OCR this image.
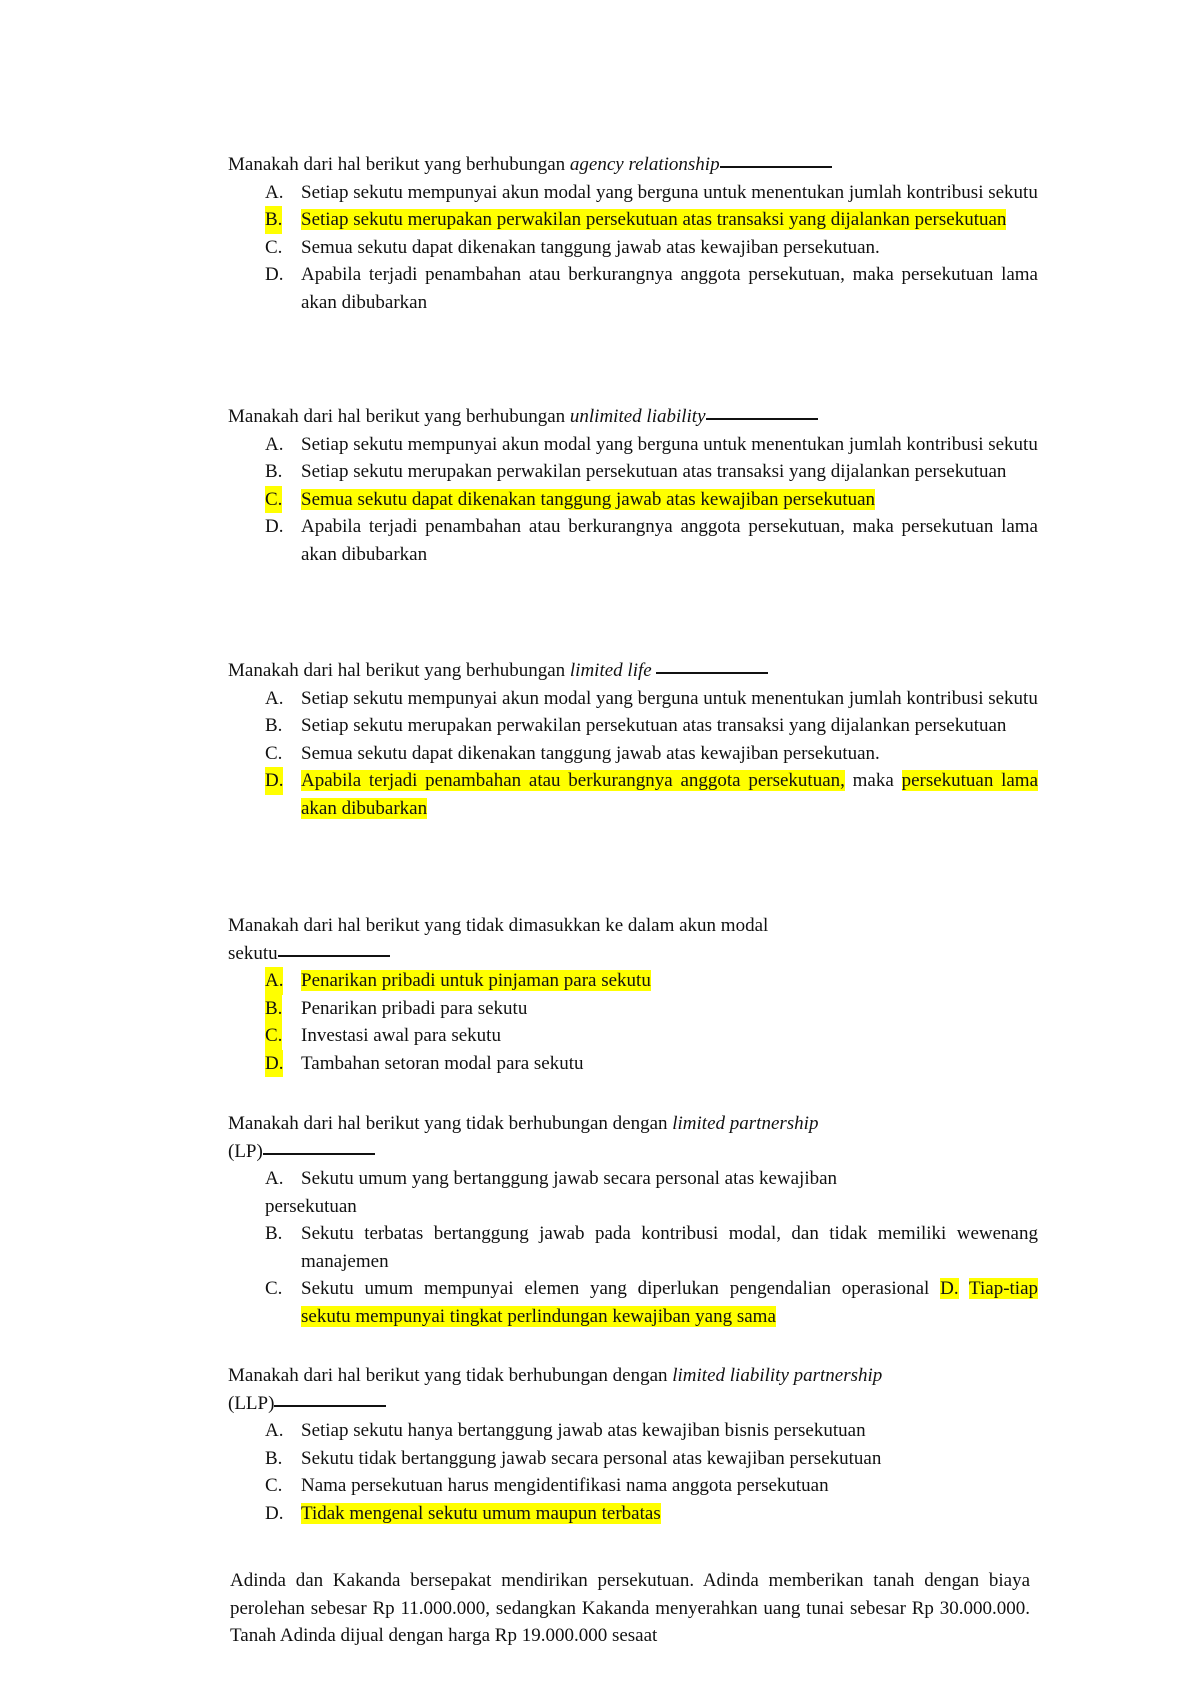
Manakah dari hal berikut yang berhubungan agency relationship
A. Setiap sekutu mempunyai akun modal yang berguna untuk menentukan jumlah kontribusi sekutu
B. Setiap sekutu merupakan perwakilan persekutuan atas transaksi yang dijalankan persekutuan
C. Semua sekutu dapat dikenakan tanggung jawab atas kewajiban persekutuan.
D. Apabila terjadi penambahan atau berkurangnya anggota persekutuan, maka persekutuan lama akan dibubarkan
Manakah dari hal berikut yang berhubungan unlimited liability
A. Setiap sekutu mempunyai akun modal yang berguna untuk menentukan jumlah kontribusi sekutu
B. Setiap sekutu merupakan perwakilan persekutuan atas transaksi yang dijalankan persekutuan
C. Semua sekutu dapat dikenakan tanggung jawab atas kewajiban persekutuan
D. Apabila terjadi penambahan atau berkurangnya anggota persekutuan, maka persekutuan lama akan dibubarkan
Manakah dari hal berikut yang berhubungan limited life
A. Setiap sekutu mempunyai akun modal yang berguna untuk menentukan jumlah kontribusi sekutu
B. Setiap sekutu merupakan perwakilan persekutuan atas transaksi yang dijalankan persekutuan
C. Semua sekutu dapat dikenakan tanggung jawab atas kewajiban persekutuan.
D. Apabila terjadi penambahan atau berkurangnya anggota persekutuan, maka persekutuan lama akan dibubarkan
Manakah dari hal berikut yang tidak dimasukkan ke dalam akun modal
sekutu
A. Penarikan pribadi untuk pinjaman para sekutu
B. Penarikan pribadi para sekutu
C. Investasi awal para sekutu
D. Tambahan setoran modal para sekutu
Manakah dari hal berikut yang tidak berhubungan dengan limited partnership
(LP)
A. Sekutu umum yang bertanggung jawab secara personal atas kewajiban
persekutuan
B. Sekutu terbatas bertanggung jawab pada kontribusi modal, dan tidak memiliki wewenang manajemen
C. Sekutu umum mempunyai elemen yang diperlukan pengendalian operasional D. Tiap-tiap sekutu mempunyai tingkat perlindungan kewajiban yang sama
Manakah dari hal berikut yang tidak berhubungan dengan limited liability partnership
(LLP)
A. Setiap sekutu hanya bertanggung jawab atas kewajiban bisnis persekutuan
B. Sekutu tidak bertanggung jawab secara personal atas kewajiban persekutuan
C. Nama persekutuan harus mengidentifikasi nama anggota persekutuan
D. Tidak mengenal sekutu umum maupun terbatas
Adinda dan Kakanda bersepakat mendirikan persekutuan. Adinda memberikan tanah dengan biaya perolehan sebesar Rp 11.000.000, sedangkan Kakanda menyerahkan uang tunai sebesar Rp 30.000.000. Tanah Adinda dijual dengan harga Rp 19.000.000 sesaat
